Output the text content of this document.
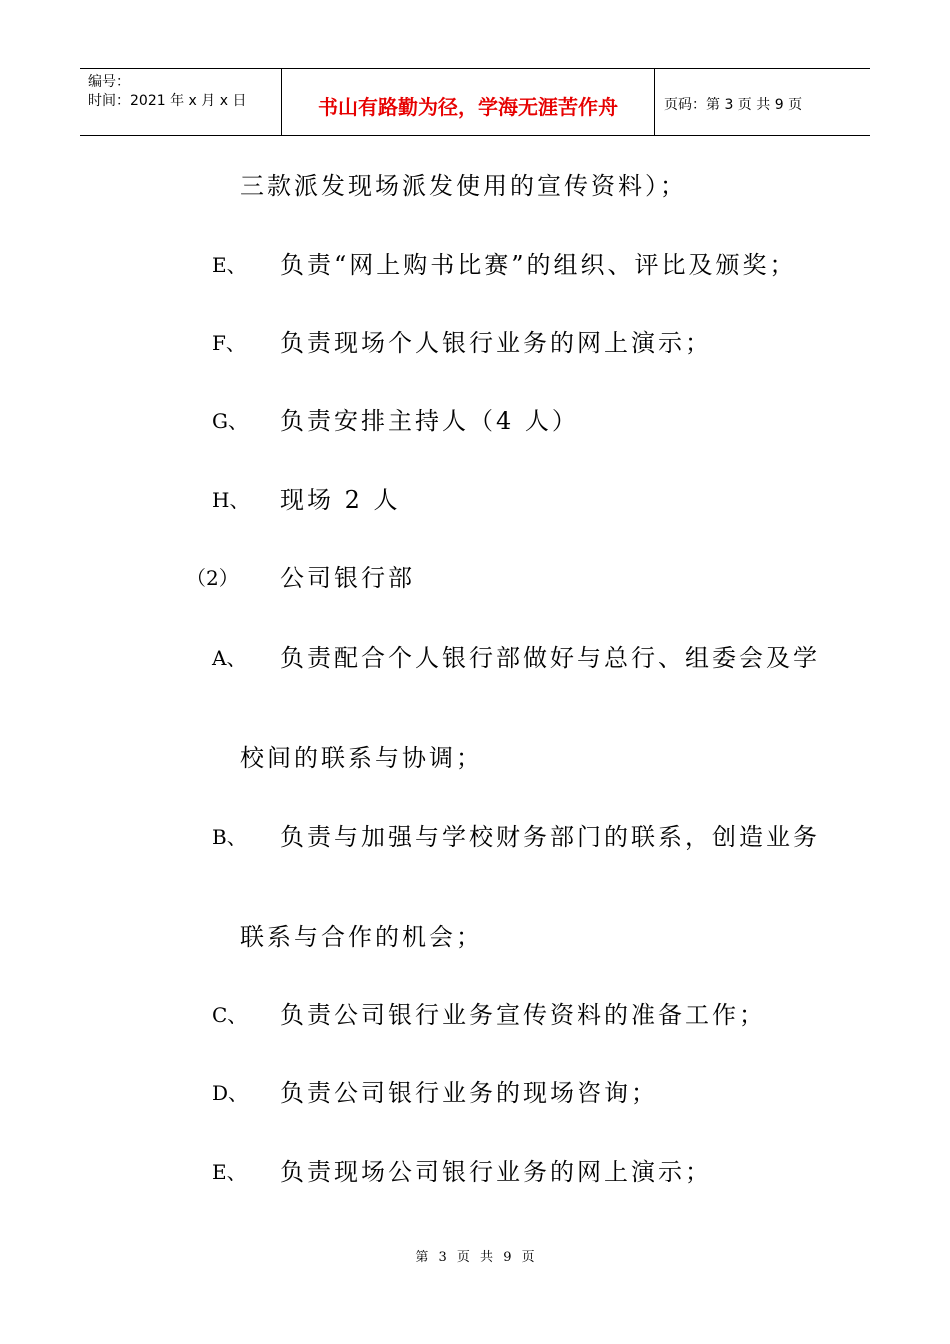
编号：
时间：2021 年 x 月 x 日	书山有路勤为径，学海无涯苦作舟	页码：第 3 页 共 9 页
三款派发现场派发使用的宣传资料）；
E、 负责“网上购书比赛”的组织、评比及颁奖；
F、 负责现场个人银行业务的网上演示；
G、 负责安排主持人（4 人）
H、 现场 2 人
（2） 公司银行部
A、 负责配合个人银行部做好与总行、组委会及学
校间的联系与协调；
B、 负责与加强与学校财务部门的联系，创造业务
联系与合作的机会；
C、 负责公司银行业务宣传资料的准备工作；
D、 负责公司银行业务的现场咨询；
E、 负责现场公司银行业务的网上演示；
第 3 页 共 9 页
